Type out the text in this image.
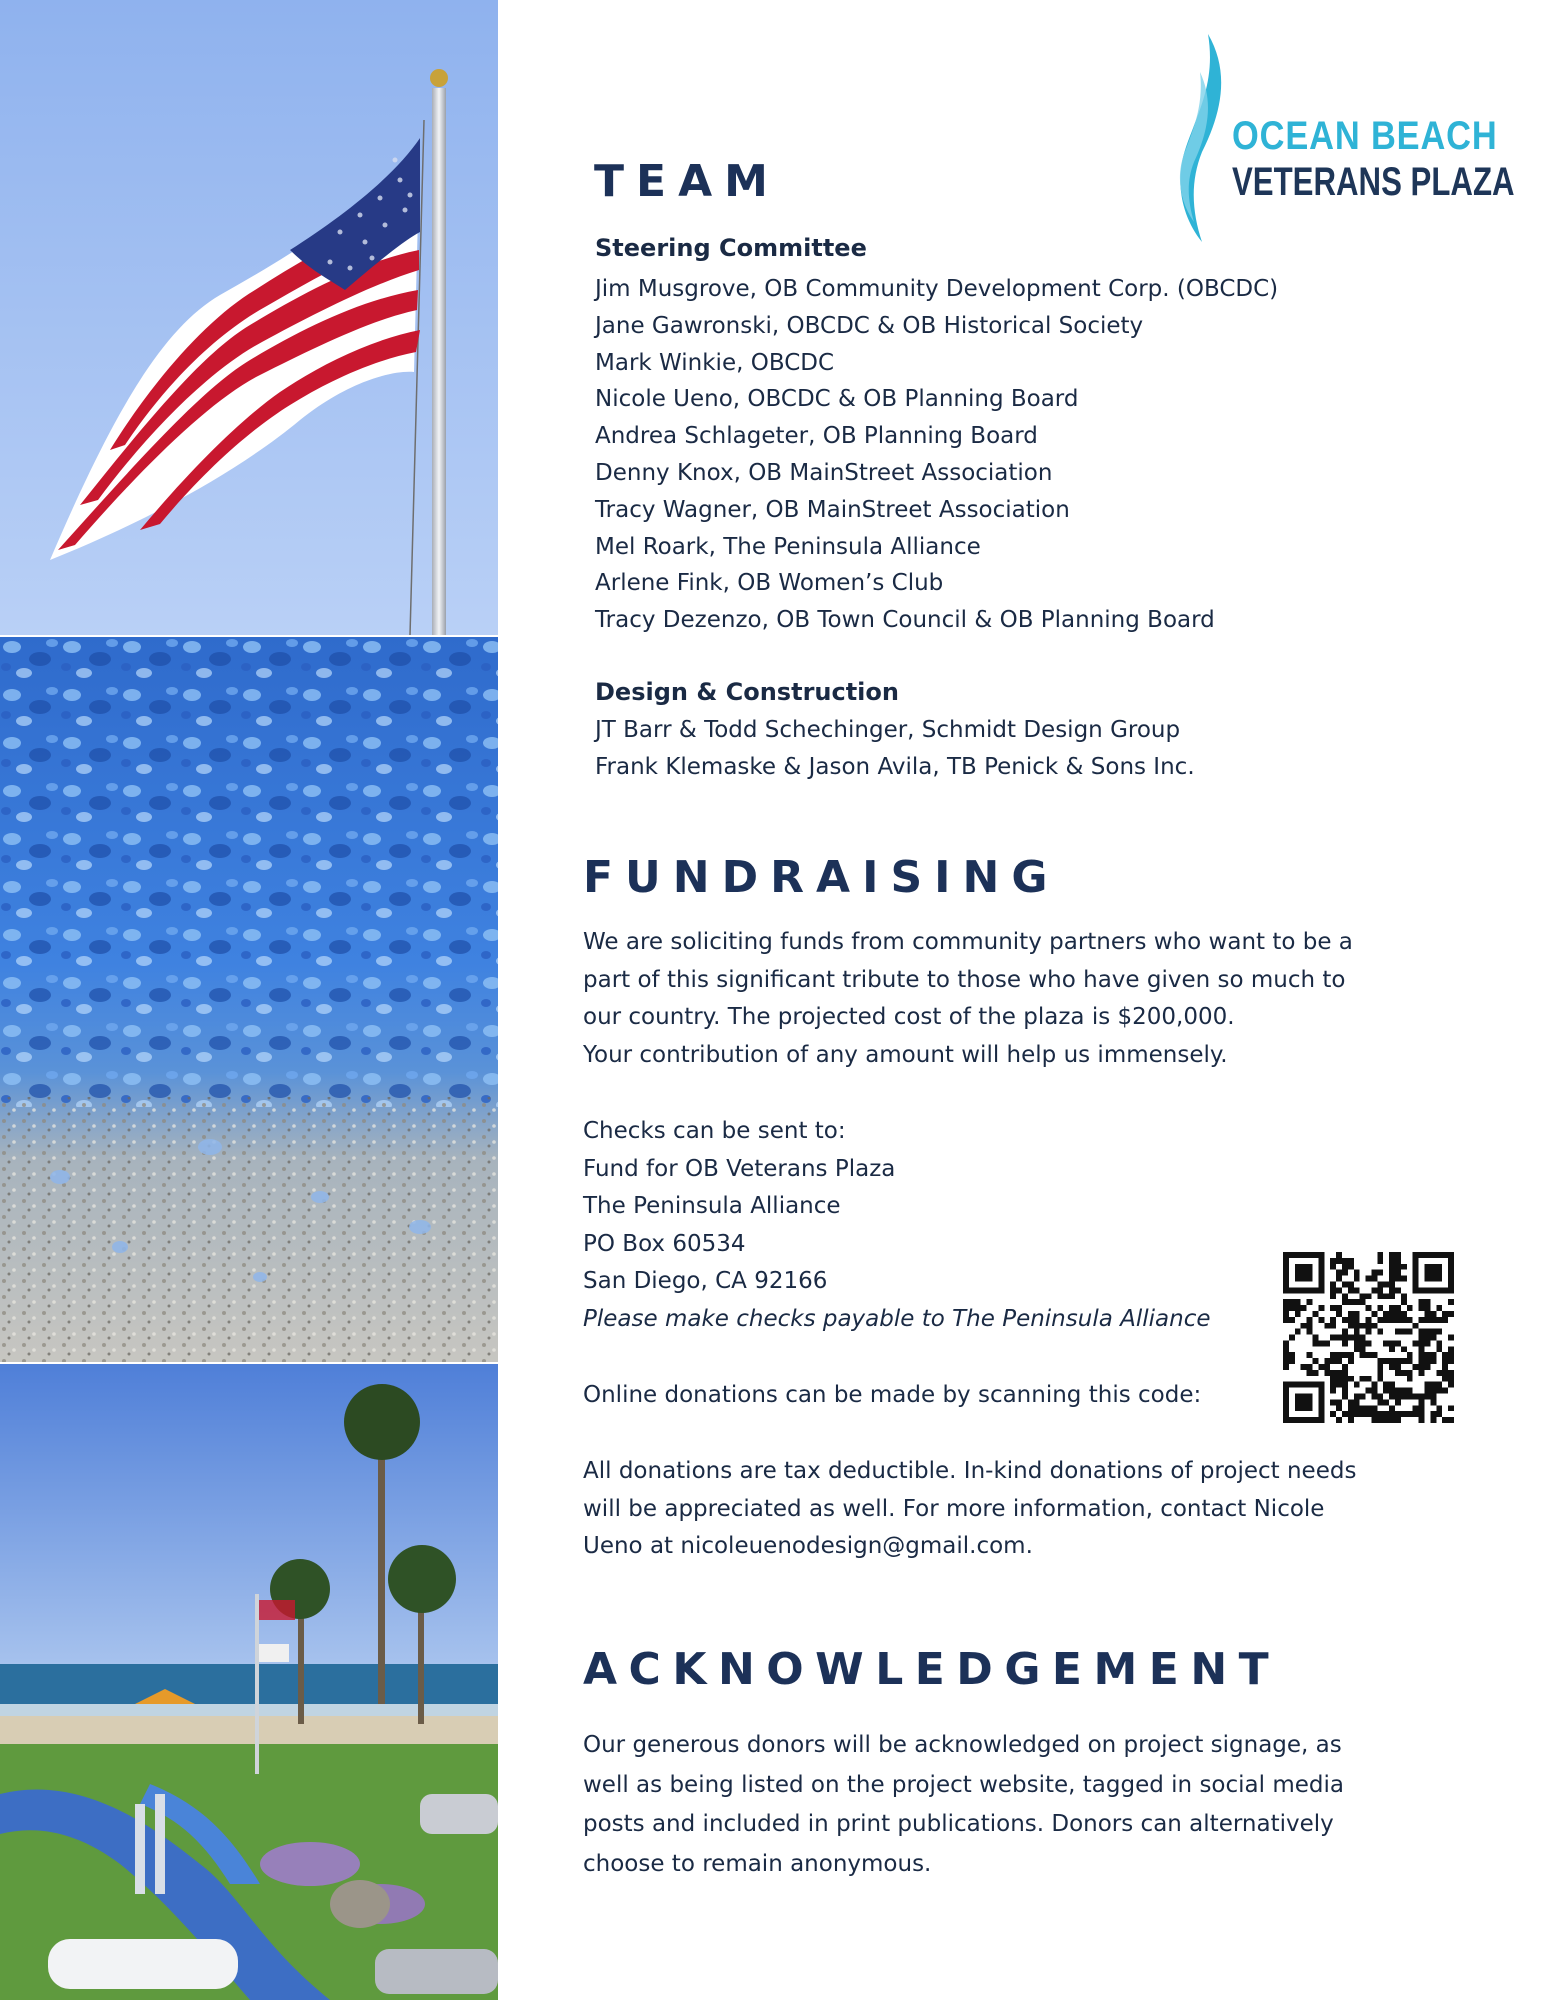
OCEAN BEACH
VETERANS PLAZA
TEAM
Steering Committee
Jim Musgrove, OB Community Development Corp. (OBCDC)
Jane Gawronski, OBCDC & OB Historical Society
Mark Winkie, OBCDC
Nicole Ueno, OBCDC & OB Planning Board
Andrea Schlageter, OB Planning Board
Denny Knox, OB MainStreet Association
Tracy Wagner, OB MainStreet Association
Mel Roark, The Peninsula Alliance
Arlene Fink, OB Women’s Club
Tracy Dezenzo, OB Town Council & OB Planning Board
Design & Construction
JT Barr & Todd Schechinger, Schmidt Design Group
Frank Klemaske & Jason Avila, TB Penick & Sons Inc.
FUNDRAISING

We are soliciting funds from community partners who want to be a
part of this significant tribute to those who have given so much to
our country. The projected cost of the plaza is $200,000.
Your contribution of any amount will help us immensely.

Checks can be sent to:
Fund for OB Veterans Plaza
The Peninsula Alliance
PO Box 60534
San Diego, CA 92166
Please make checks payable to The Peninsula Alliance

Online donations can be made by scanning this code:

All donations are tax deductible. In-kind donations of project needs
will be appreciated as well. For more information, contact Nicole
Ueno at nicoleuenodesign@gmail.com.

ACKNOWLEDGEMENT

Our generous donors will be acknowledged on project signage, as
well as being listed on the project website, tagged in social media
posts and included in print publications. Donors can alternatively
choose to remain anonymous.
